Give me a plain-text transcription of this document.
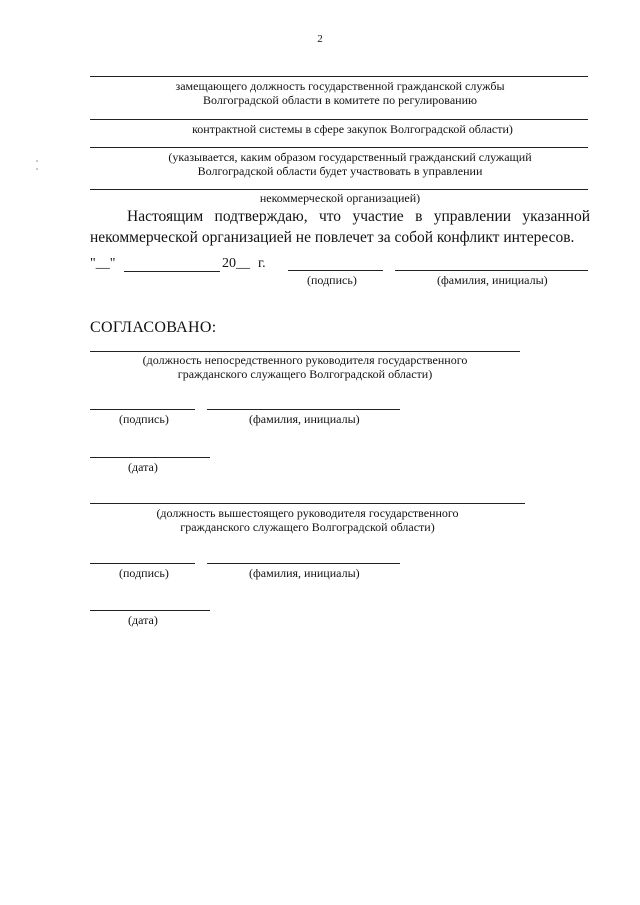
2
замещающего должность государственной гражданской службы
Волгоградской области в комитете по регулированию
контрактной системы в сфере закупок Волгоградской области)
(указывается, каким образом государственный гражданский служащий
Волгоградской области будет участвовать в управлении
некоммерческой организацией)
Настоящим подтверждаю, что участие в управлении указанной некоммерческой организацией не повлечет за собой конфликт интересов.
"__"	20__ г.
(подпись)	(фамилия, инициалы)
СОГЛАСОВАНО:
(должность непосредственного руководителя государственного
гражданского служащего Волгоградской области)
(подпись)	(фамилия, инициалы)
(дата)
(должность вышестоящего руководителя государственного
гражданского служащего Волгоградской области)
(подпись)	(фамилия, инициалы)
(дата)
